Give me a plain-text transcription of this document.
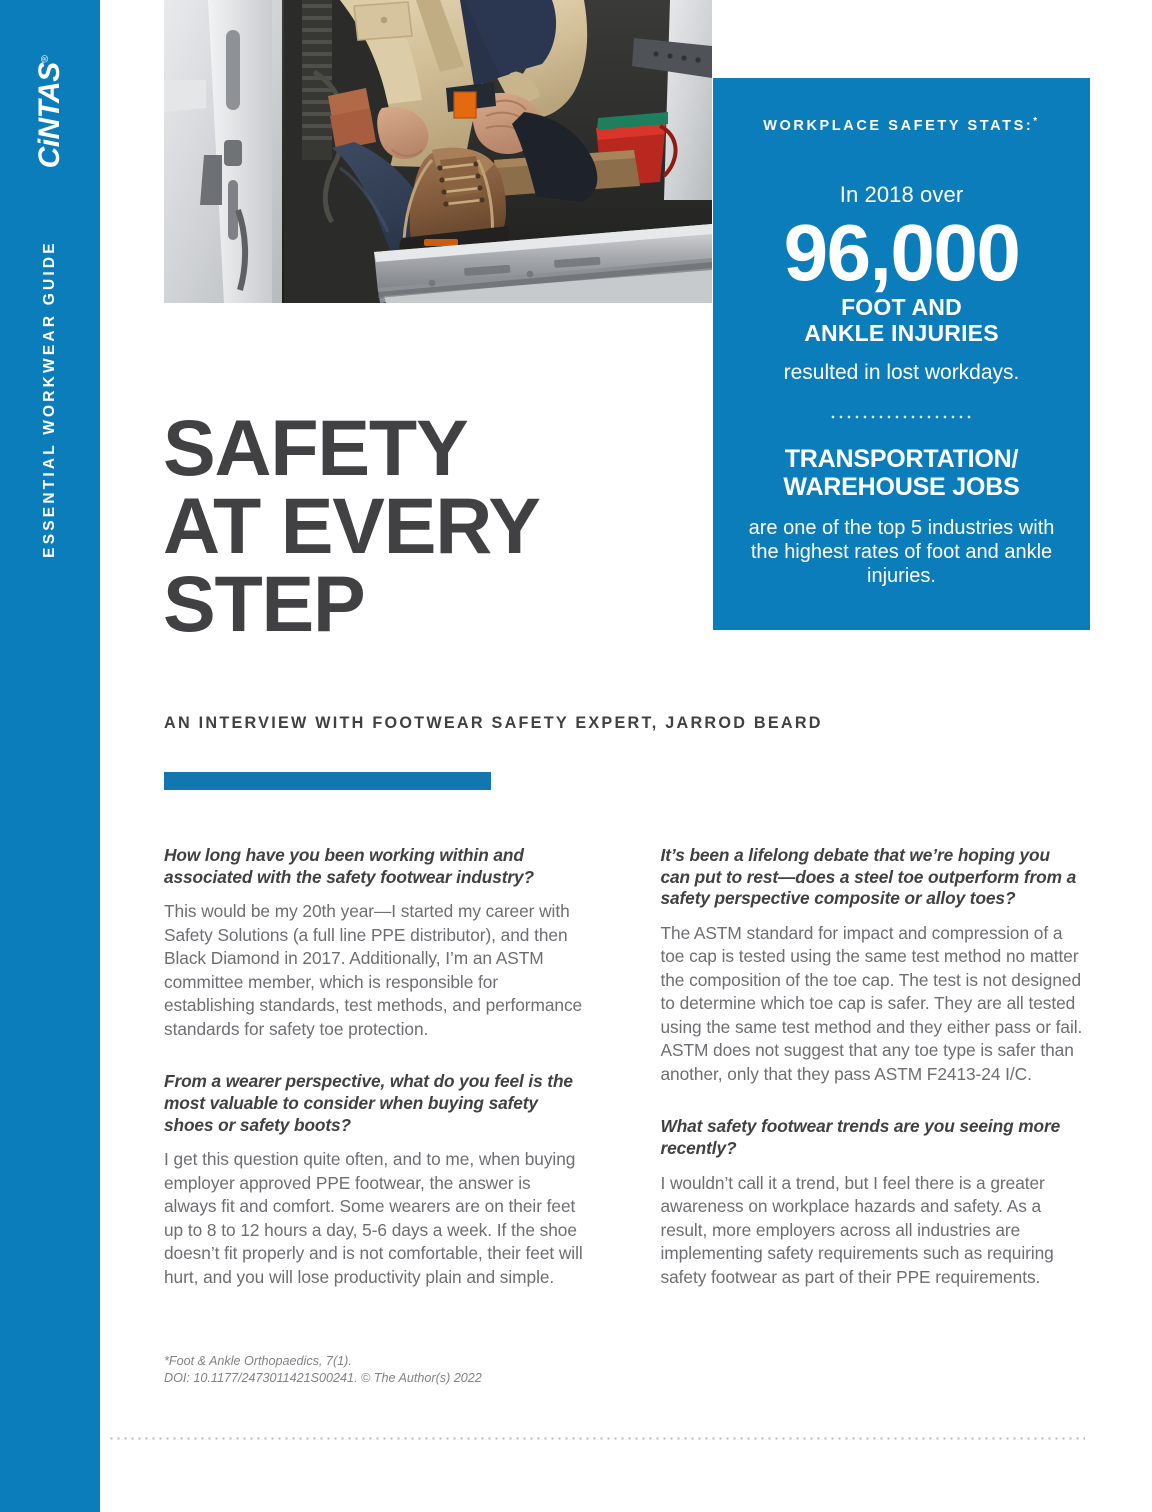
CiNTAS®
ESSENTIAL WORKWEAR GUIDE

WORKPLACE SAFETY STATS:*

In 2018 over

96,000

FOOT AND
ANKLE INJURIES

resulted in lost workdays.

TRANSPORTATION/
WAREHOUSE JOBS

are one of the top 5 industries with the highest rates of foot and ankle injuries.

SAFETY
AT EVERY
STEP
AN INTERVIEW WITH FOOTWEAR SAFETY EXPERT, JARROD BEARD

How long have you been working within and associated with the safety footwear industry?

This would be my 20th year—I started my career with Safety Solutions (a full line PPE distributor), and then Black Diamond in 2017. Additionally, I’m an ASTM committee member, which is responsible for establishing standards, test methods, and performance standards for safety toe protection.

From a wearer perspective, what do you feel is the most valuable to consider when buying safety shoes or safety boots?

I get this question quite often, and to me, when buying employer approved PPE footwear, the answer is always fit and comfort. Some wearers are on their feet up to 8 to 12 hours a day, 5-6 days a week. If the shoe doesn’t fit properly and is not comfortable, their feet will hurt, and you will lose productivity plain and simple.

It’s been a lifelong debate that we’re hoping you can put to rest—does a steel toe outperform from a safety perspective composite or alloy toes?

The ASTM standard for impact and compression of a toe cap is tested using the same test method no matter the composition of the toe cap. The test is not designed to determine which toe cap is safer. They are all tested using the same test method and they either pass or fail. ASTM does not suggest that any toe type is safer than another, only that they pass ASTM F2413-24 I/C.

What safety footwear trends are you seeing more recently?

I wouldn’t call it a trend, but I feel there is a greater awareness on workplace hazards and safety. As a result, more employers across all industries are implementing safety requirements such as requiring safety footwear as part of their PPE requirements.

*Foot & Ankle Orthopaedics, 7(1).
DOI: 10.1177/2473011421S00241. © The Author(s) 2022
